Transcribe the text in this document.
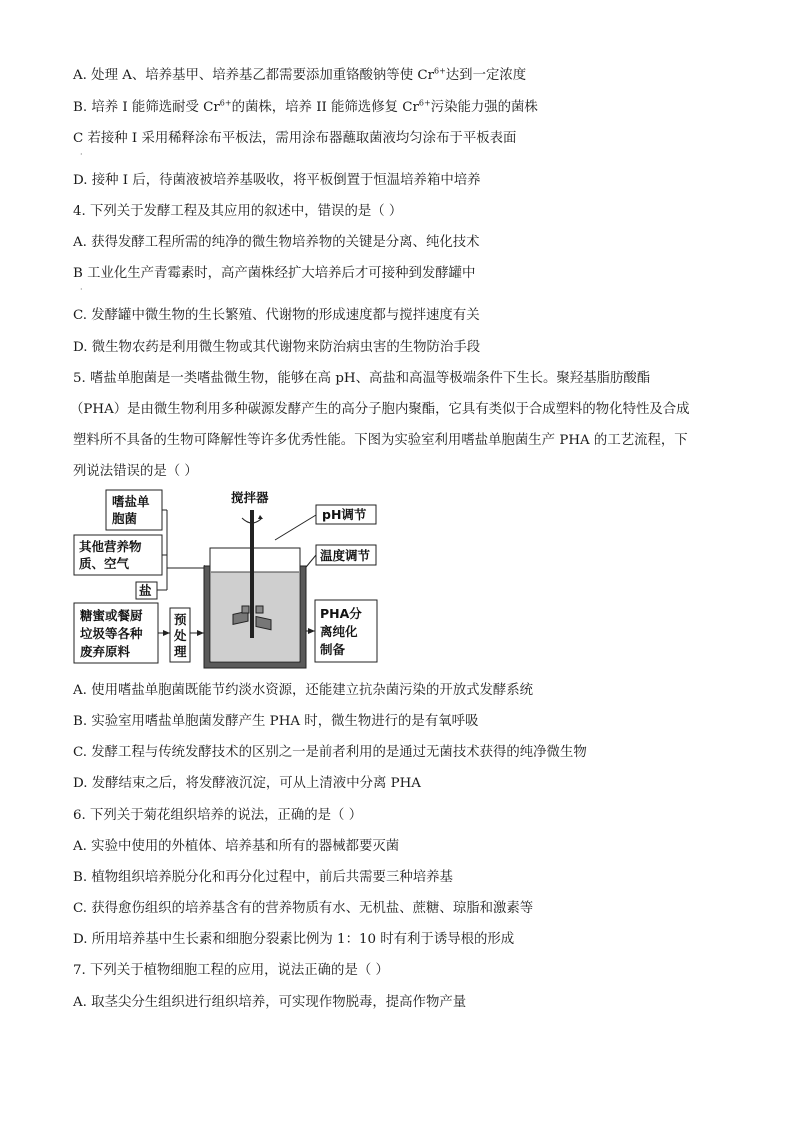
A. 处理 A、培养基甲、培养基乙都需要添加重铬酸钠等使 $Cr^{6+}$达到一定浓度
B. 培养 I 能筛选耐受 $Cr^{6+}$的菌株，培养 II 能筛选修复 $Cr^{6+}$污染能力强的菌株
C 若接种 I 采用稀释涂布平板法，需用涂布器蘸取菌液均匀涂布于平板表面
·
D. 接种 I 后，待菌液被培养基吸收，将平板倒置于恒温培养箱中培养
4. 下列关于发酵工程及其应用的叙述中，错误的是（ ）
A. 获得发酵工程所需的纯净的微生物培养物的关键是分离、纯化技术
B 工业化生产青霉素时，高产菌株经扩大培养后才可接种到发酵罐中
·
C. 发酵罐中微生物的生长繁殖、代谢物的形成速度都与搅拌速度有关
D. 微生物农药是利用微生物或其代谢物来防治病虫害的生物防治手段
5. 嗜盐单胞菌是一类嗜盐微生物，能够在高 pH、高盐和高温等极端条件下生长。聚羟基脂肪酸酯
（PHA）是由微生物利用多种碳源发酵产生的高分子胞内聚酯，它具有类似于合成塑料的物化特性及合成
塑料所不具备的生物可降解性等许多优秀性能。下图为实验室利用嗜盐单胞菌生产 PHA 的工艺流程，下
列说法错误的是（ ）
嗜盐单
胞菌
其他营养物
质、空气
盐
糖蜜或餐厨
垃圾等各种
废弃原料
预
处
理
搅拌器
pH调节
温度调节
PHA分
离纯化
制备
A. 使用嗜盐单胞菌既能节约淡水资源，还能建立抗杂菌污染的开放式发酵系统
B. 实验室用嗜盐单胞菌发酵产生 PHA 时，微生物进行的是有氧呼吸
C. 发酵工程与传统发酵技术的区别之一是前者利用的是通过无菌技术获得的纯净微生物
D. 发酵结束之后，将发酵液沉淀，可从上清液中分离 PHA
6. 下列关于菊花组织培养的说法，正确的是（ ）
A. 实验中使用的外植体、培养基和所有的器械都要灭菌
B. 植物组织培养脱分化和再分化过程中，前后共需要三种培养基
C. 获得愈伤组织的培养基含有的营养物质有水、无机盐、蔗糖、琼脂和激素等
D. 所用培养基中生长素和细胞分裂素比例为 1：10 时有利于诱导根的形成
7. 下列关于植物细胞工程的应用，说法正确的是（ ）
A. 取茎尖分生组织进行组织培养，可实现作物脱毒，提高作物产量
